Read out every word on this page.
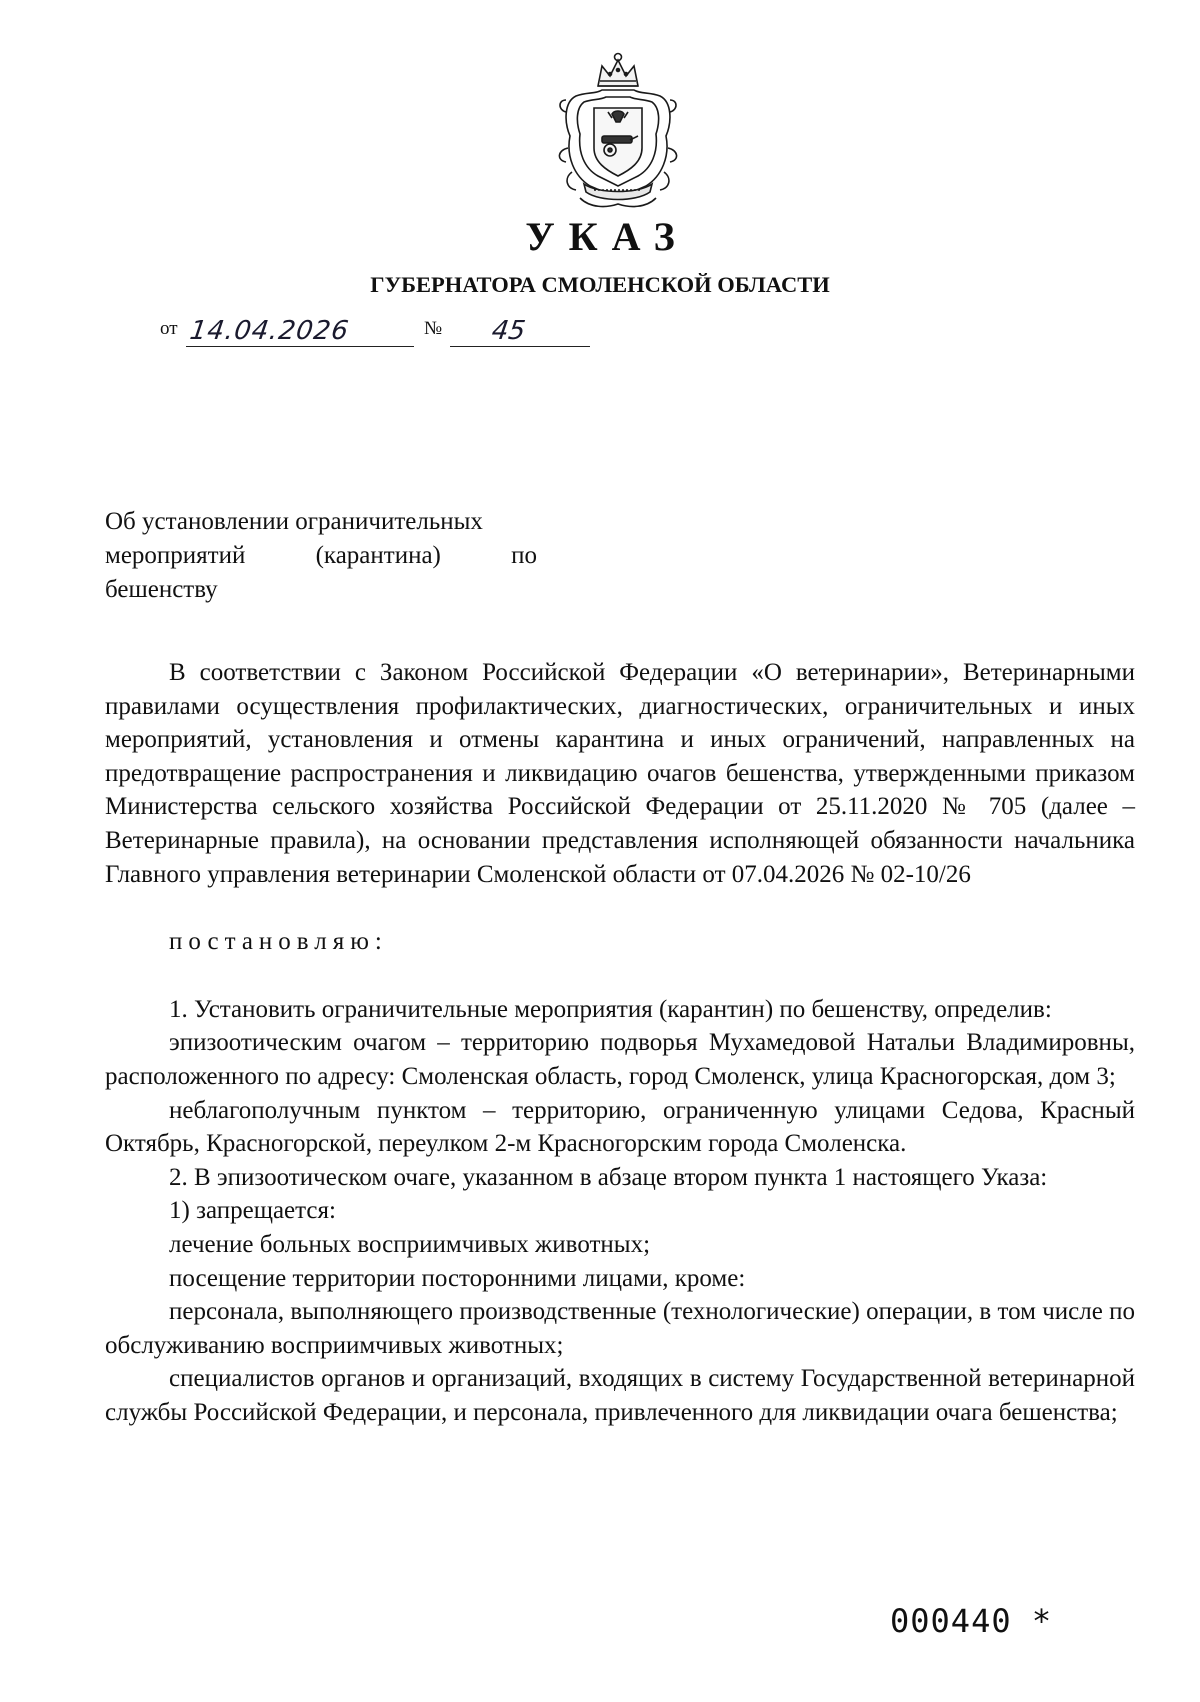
УКАЗ
ГУБЕРНАТОРА СМОЛЕНСКОЙ ОБЛАСТИ
от 14.04.2026	№ 45
Об установлении ограничительных
мероприятий (карантина) по
бешенству

В соответствии с Законом Российской Федерации «О ветеринарии», Ветеринарными правилами осуществления профилактических, диагностических, ограничительных и иных мероприятий, установления и отмены карантина и иных ограничений, направленных на предотвращение распространения и ликвидацию очагов бешенства, утвержденными приказом Министерства сельского хозяйства Российской Федерации от 25.11.2020 № 705 (далее – Ветеринарные правила), на основании представления исполняющей обязанности начальника Главного управления ветеринарии Смоленской области от 07.04.2026 № 02-10/26

постановляю:

1. Установить ограничительные мероприятия (карантин) по бешенству, определив:

эпизоотическим очагом – территорию подворья Мухамедовой Натальи Владимировны, расположенного по адресу: Смоленская область, город Смоленск, улица Красногорская, дом 3;

неблагополучным пунктом – территорию, ограниченную улицами Седова, Красный Октябрь, Красногорской, переулком 2-м Красногорским города Смоленска.

2. В эпизоотическом очаге, указанном в абзаце втором пункта 1 настоящего Указа:

1) запрещается:

лечение больных восприимчивых животных;

посещение территории посторонними лицами, кроме:

персонала, выполняющего производственные (технологические) операции, в том числе по обслуживанию восприимчивых животных;

специалистов органов и организаций, входящих в систему Государственной ветеринарной службы Российской Федерации, и персонала, привлеченного для ликвидации очага бешенства;

000440 *
